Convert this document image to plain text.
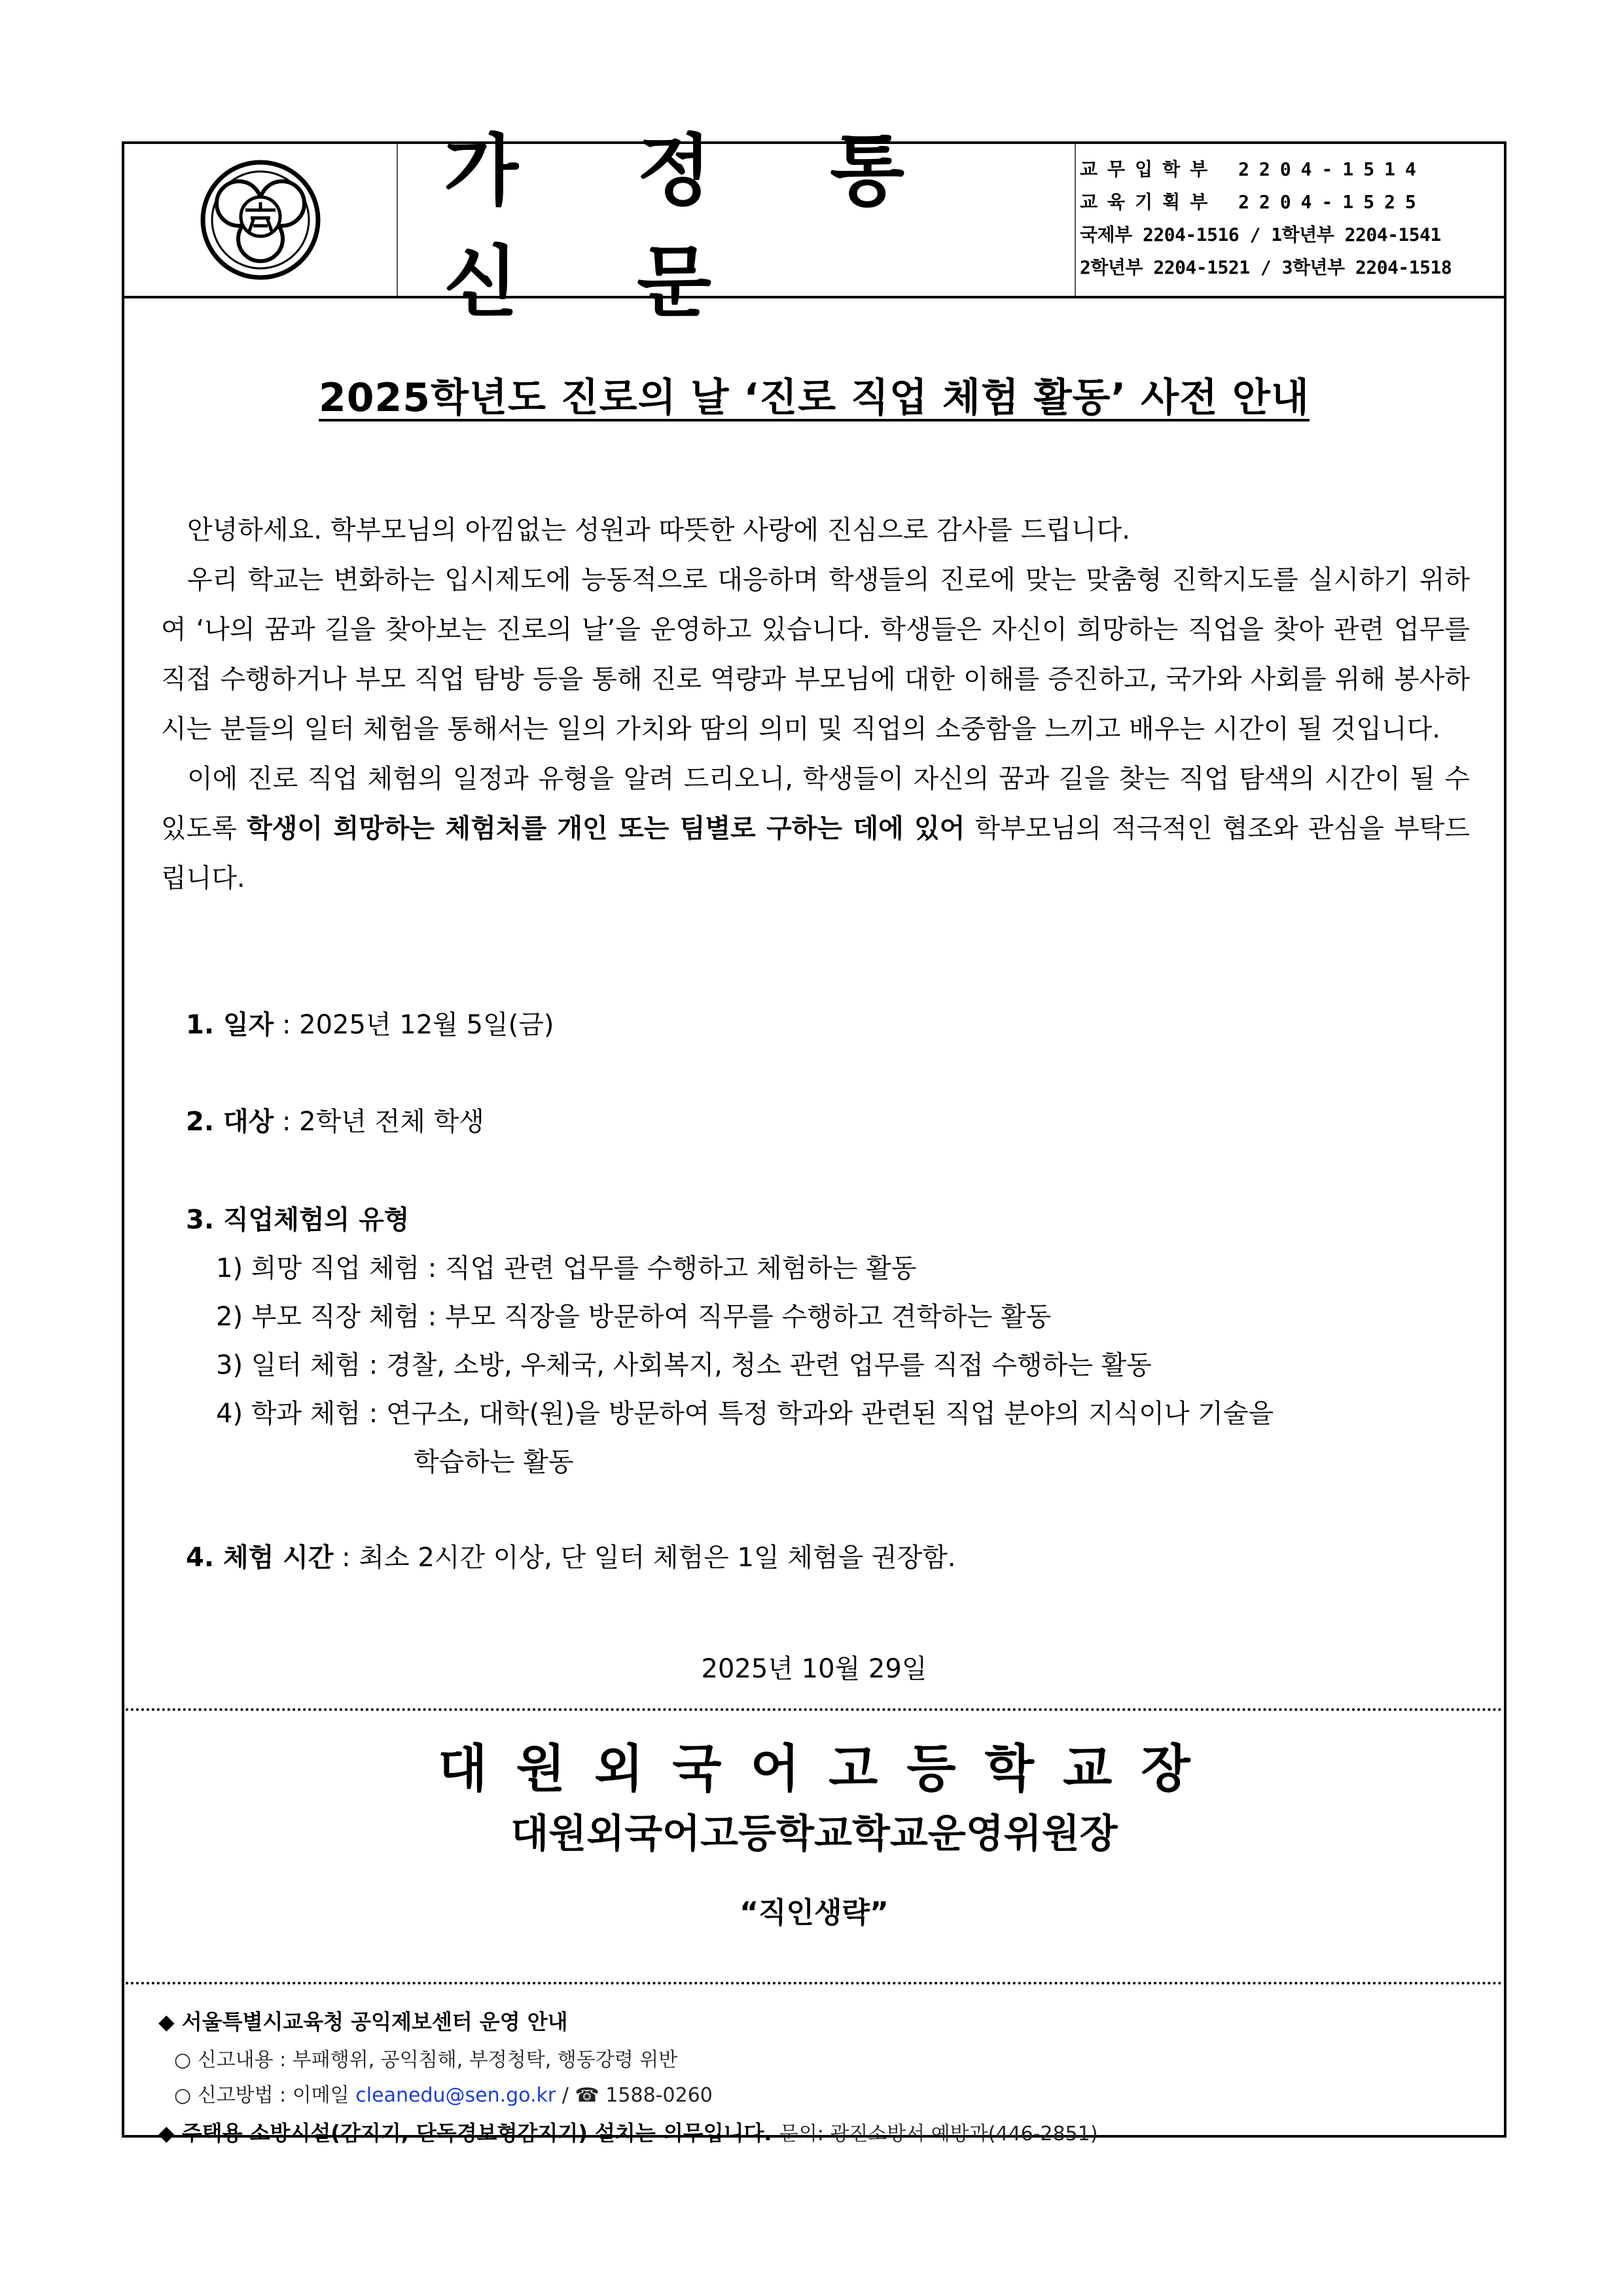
가 정 통 신 문
교무입학부 2204-1514
교육기획부 2204-1525
국제부 2204-1516 / 1학년부 2204-1541
2학년부 2204-1521 / 3학년부 2204-1518
2025학년도 진로의 날 ‘진로 직업 체험 활동’ 사전 안내

안녕하세요. 학부모님의 아낌없는 성원과 따뜻한 사랑에 진심으로 감사를 드립니다.

우리 학교는 변화하는 입시제도에 능동적으로 대응하며 학생들의 진로에 맞는 맞춤형 진학지도를 실시하기 위하여 ‘나의 꿈과 길을 찾아보는 진로의 날’을 운영하고 있습니다. 학생들은 자신이 희망하는 직업을 찾아 관련 업무를 직접 수행하거나 부모 직업 탐방 등을 통해 진로 역량과 부모님에 대한 이해를 증진하고, 국가와 사회를 위해 봉사하시는 분들의 일터 체험을 통해서는 일의 가치와 땀의 의미 및 직업의 소중함을 느끼고 배우는 시간이 될 것입니다.

이에 진로 직업 체험의 일정과 유형을 알려 드리오니, 학생들이 자신의 꿈과 길을 찾는 직업 탐색의 시간이 될 수 있도록 학생이 희망하는 체험처를 개인 또는 팀별로 구하는 데에 있어 학부모님의 적극적인 협조와 관심을 부탁드립니다.

1. 일자 : 2025년 12월 5일(금)
2. 대상 : 2학년 전체 학생
3. 직업체험의 유형
1) 희망 직업 체험 : 직업 관련 업무를 수행하고 체험하는 활동
2) 부모 직장 체험 : 부모 직장을 방문하여 직무를 수행하고 견학하는 활동
3) 일터 체험 : 경찰, 소방, 우체국, 사회복지, 청소 관련 업무를 직접 수행하는 활동
4) 학과 체험 : 연구소, 대학(원)을 방문하여 특정 학과와 관련된 직업 분야의 지식이나 기술을
학습하는 활동
4. 체험 시간 : 최소 2시간 이상, 단 일터 체험은 1일 체험을 권장함.
2025년 10월 29일
대원외국어고등학교장
대원외국어고등학교학교운영위원장
“직인생략”
◆ 서울특별시교육청 공익제보센터 운영 안내
○ 신고내용 : 부패행위, 공익침해, 부정청탁, 행동강령 위반
○ 신고방법 : 이메일 cleanedu@sen.go.kr / ☎ 1588-0260
◆ 주택용 소방시설(감지기, 단독경보형감지기) 설치는 의무입니다. 문의: 광진소방서 예방과(446-2851)
